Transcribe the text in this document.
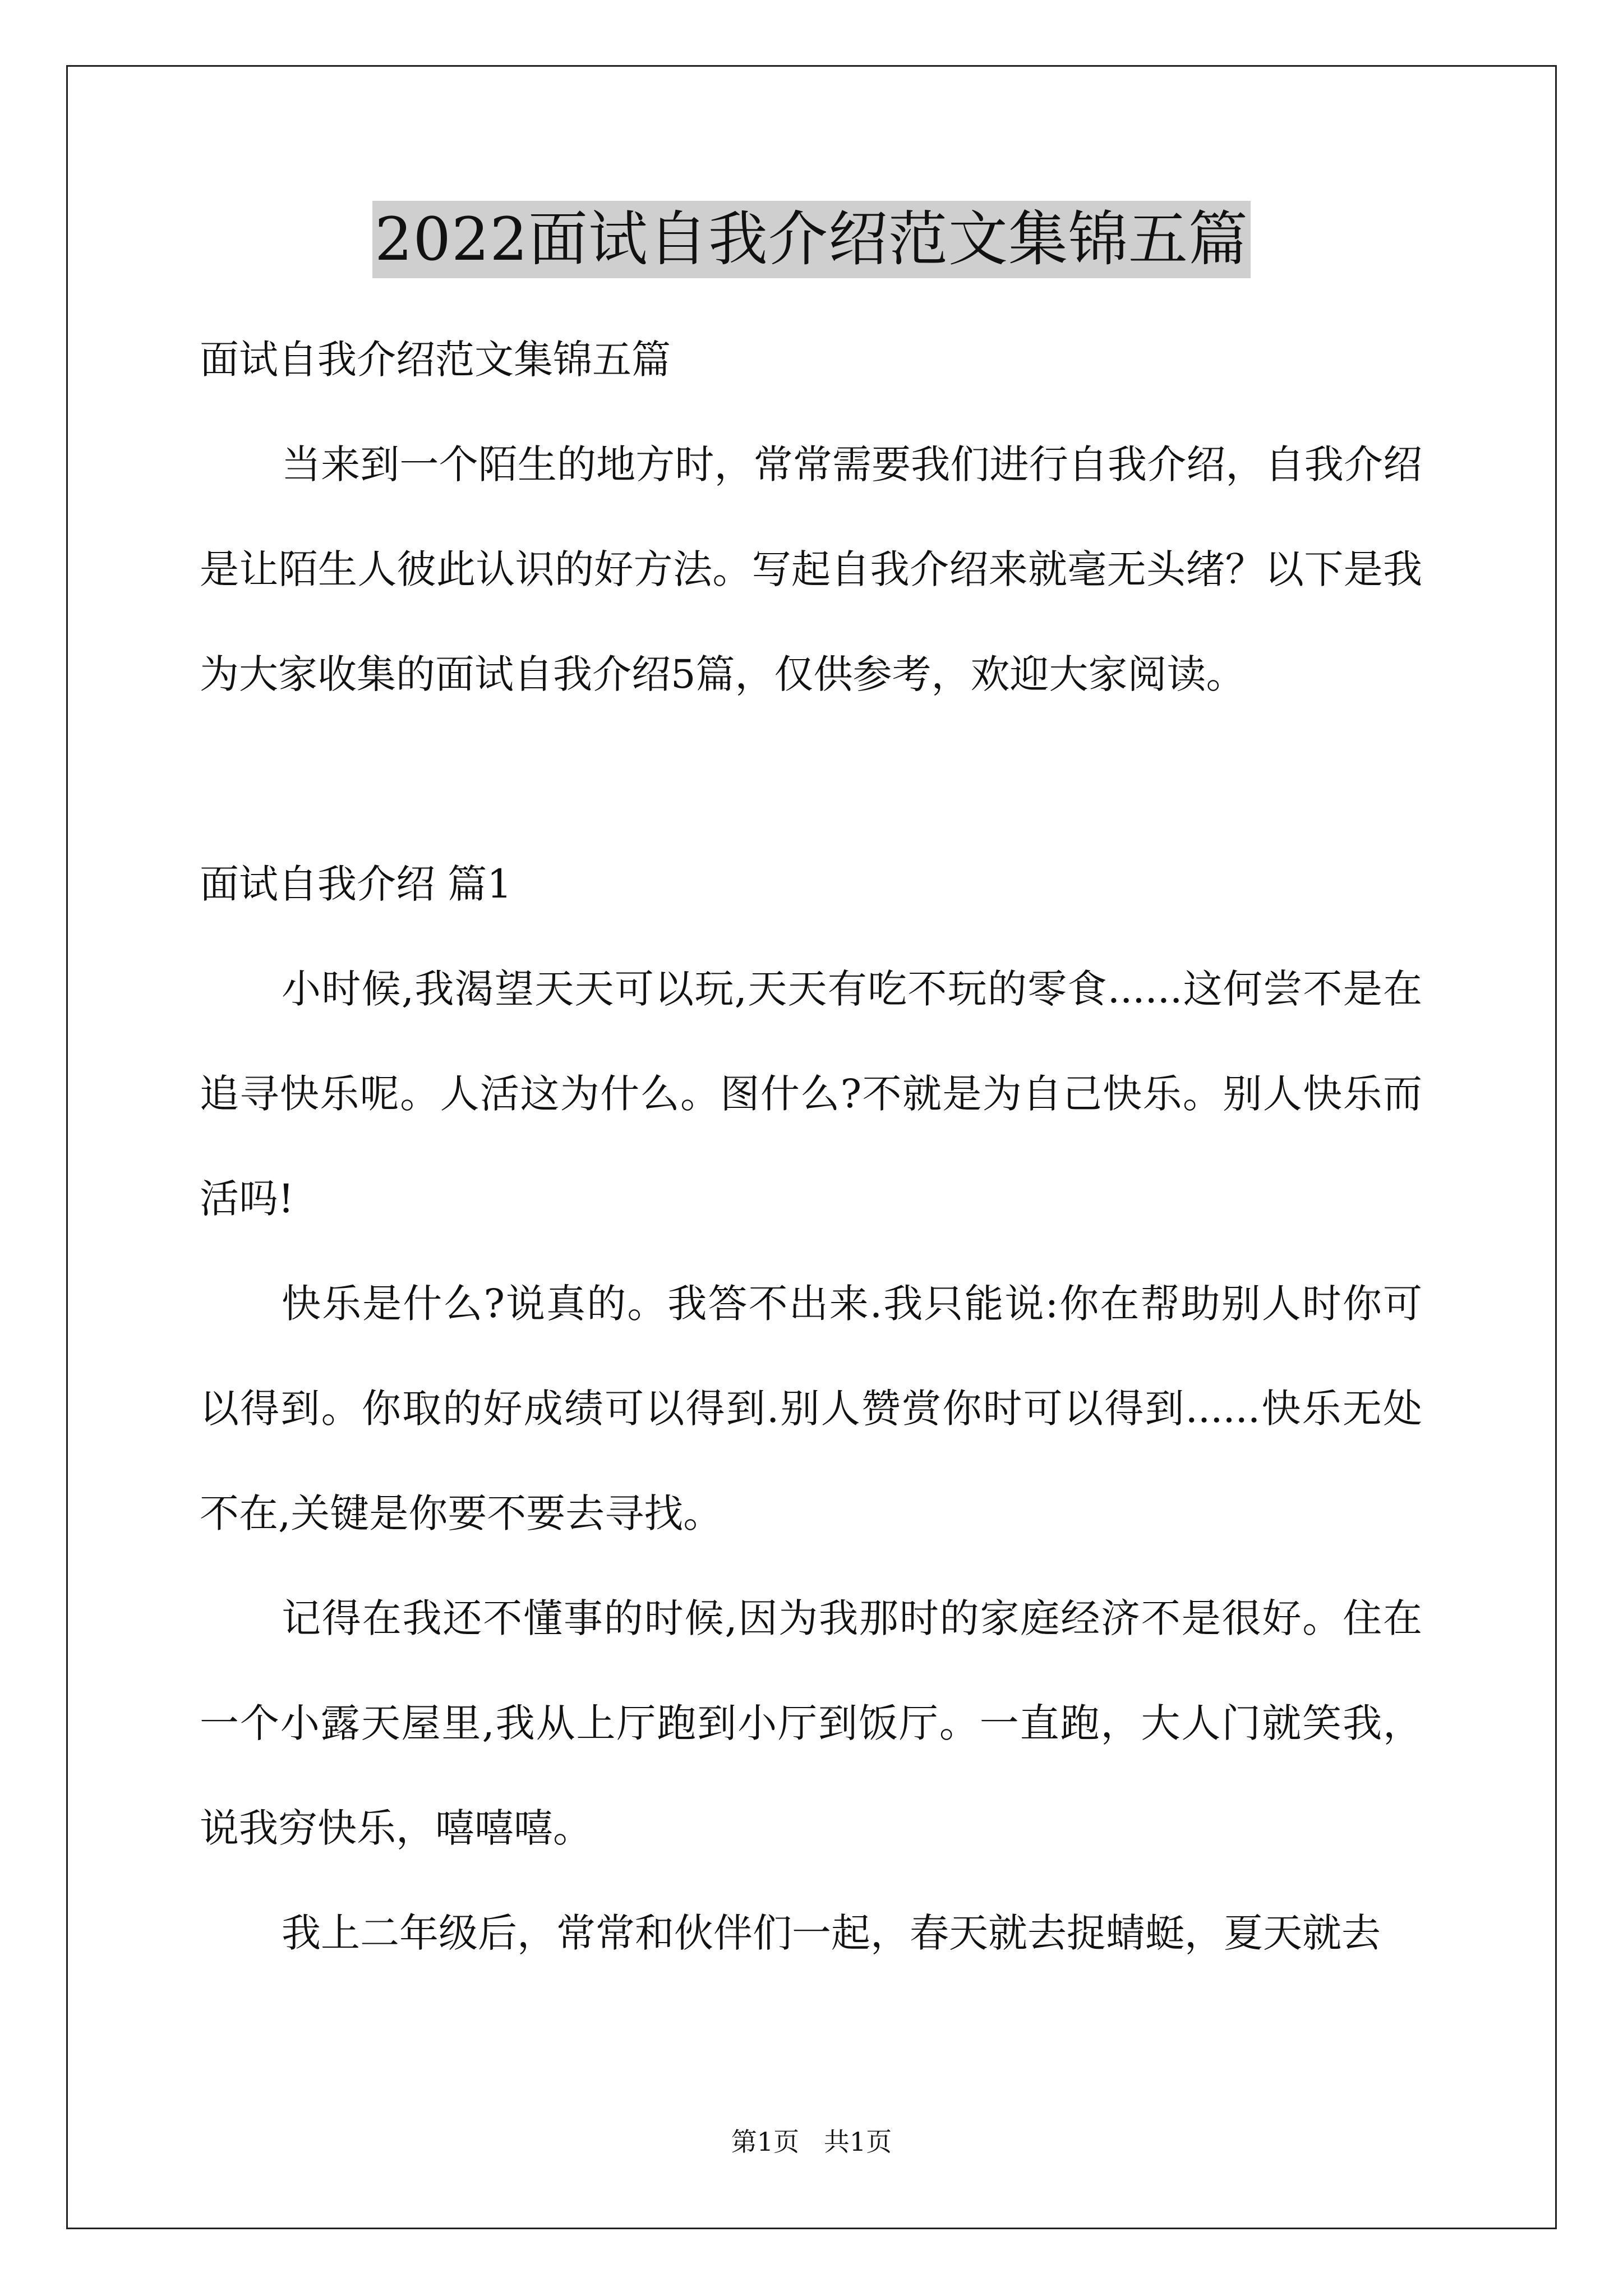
2022面试自我介绍范文集锦五篇

面试自我介绍范文集锦五篇

当来到一个陌生的地方时，常常需要我们进行自我介绍，自我介绍是让陌生人彼此认识的好方法。写起自我介绍来就毫无头绪？以下是我为大家收集的面试自我介绍5篇，仅供参考，欢迎大家阅读。

面试自我介绍 篇1

小时候,我渴望天天可以玩,天天有吃不玩的零食......这何尝不是在追寻快乐呢。人活这为什么。图什么?不就是为自己快乐。别人快乐而活吗!

快乐是什么?说真的。我答不出来.我只能说:你在帮助别人时你可以得到。你取的好成绩可以得到.别人赞赏你时可以得到......快乐无处不在,关键是你要不要去寻找。

记得在我还不懂事的时候,因为我那时的家庭经济不是很好。住在一个小露天屋里,我从上厅跑到小厅到饭厅。一直跑，大人门就笑我，说我穷快乐，嘻嘻嘻。

我上二年级后，常常和伙伴们一起，春天就去捉蜻蜓，夏天就去

第1页   共1页
